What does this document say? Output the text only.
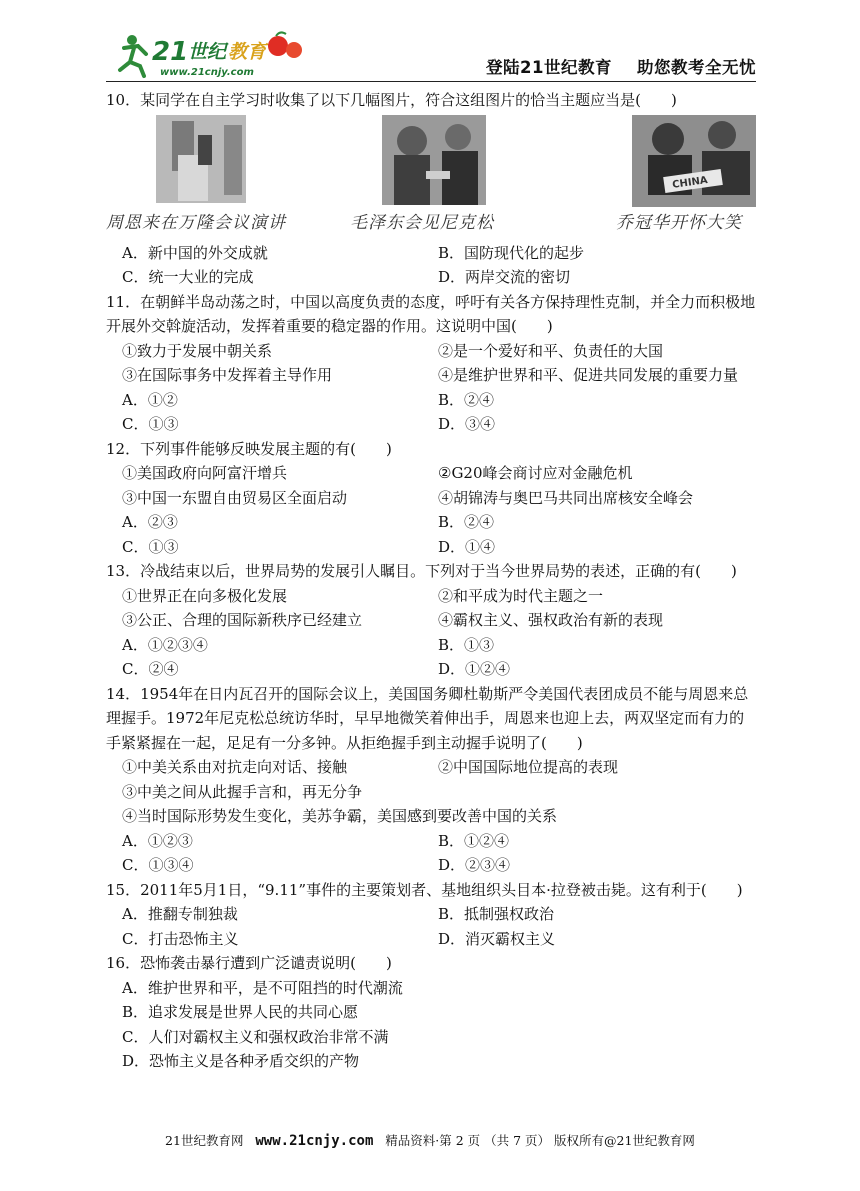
21 世纪 教育
www.21cnjy.com	登陆21世纪教育    助您教考全无忧
10．某同学在自主学习时收集了以下几幅图片，符合这组图片的恰当主题应当是(　　)
周恩来在万隆会议演讲	毛泽东会见尼克松
CHINA
乔冠华开怀大笑
A．新中国的外交成就	B．国防现代化的起步
C．统一大业的完成	D．两岸交流的密切
11．在朝鲜半岛动荡之时，中国以高度负责的态度，呼吁有关各方保持理性克制，并全力而积极地开展外交斡旋活动，发挥着重要的稳定器的作用。这说明中国(　　)
①致力于发展中朝关系	②是一个爱好和平、负责任的大国
③在国际事务中发挥着主导作用	④是维护世界和平、促进共同发展的重要力量
A．①②	B．②④
C．①③	D．③④
12．下列事件能够反映发展主题的有(　　)
①美国政府向阿富汗增兵	②G20峰会商讨应对金融危机
③中国一东盟自由贸易区全面启动	④胡锦涛与奥巴马共同出席核安全峰会
A．②③	B．②④
C．①③	D．①④
13．冷战结束以后，世界局势的发展引人瞩目。下列对于当今世界局势的表述，正确的有(　　)
①世界正在向多极化发展	②和平成为时代主题之一
③公正、合理的国际新秩序已经建立	④霸权主义、强权政治有新的表现
A．①②③④	B．①③
C．②④	D．①②④
14．1954年在日内瓦召开的国际会议上，美国国务卿杜勒斯严令美国代表团成员不能与周恩来总理握手。1972年尼克松总统访华时，早早地微笑着伸出手，周恩来也迎上去，两双坚定而有力的手紧紧握在一起，足足有一分多钟。从拒绝握手到主动握手说明了(　　)
①中美关系由对抗走向对话、接触	②中国国际地位提高的表现
③中美之间从此握手言和，再无分争
④当时国际形势发生变化，美苏争霸，美国感到要改善中国的关系
A．①②③	B．①②④
C．①③④	D．②③④
15．2011年5月1日，“9.11”事件的主要策划者、基地组织头目本·拉登被击毙。这有利于(　　)
A．推翻专制独裁	B．抵制强权政治
C．打击恐怖主义	D．消灭霸权主义
16．恐怖袭击暴行遭到广泛谴责说明(　　)
A．维护世界和平，是不可阻挡的时代潮流
B．追求发展是世界人民的共同心愿
C．人们对霸权主义和强权政治非常不满
D．恐怖主义是各种矛盾交织的产物
21世纪教育网   www.21cnjy.com   精品资料·第 2 页 （共 7 页） 版权所有@21世纪教育网
